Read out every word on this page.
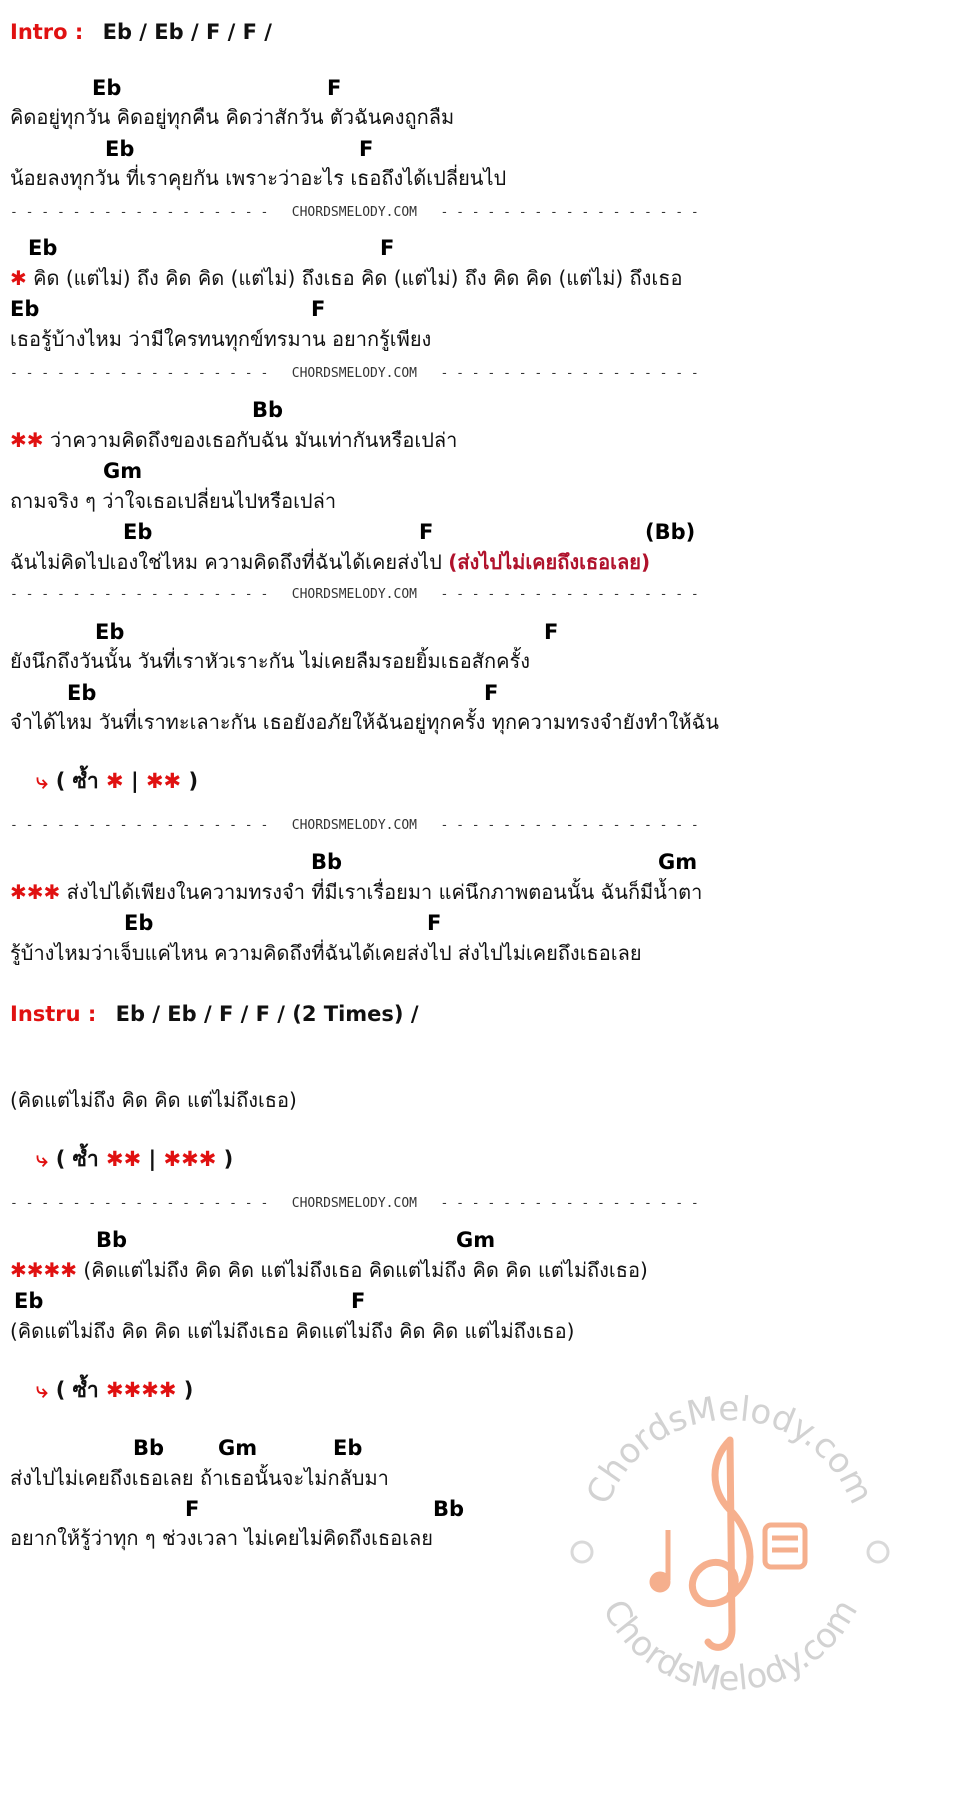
Intro : Eb / Eb / F / F /
Eb	F
คิดอยู่ทุกวัน คิดอยู่ทุกคืน คิดว่าสักวัน ตัวฉันคงถูกลืม
Eb	F
น้อยลงทุกวัน ที่เราคุยกัน เพราะว่าอะไร เธอถึงได้เปลี่ยนไป
- - - - - - - - - - - - - - - - -   CHORDSMELODY.COM   - - - - - - - - - - - - - - - - -
Eb	F
✱ คิด (แต่ไม่) ถึง คิด คิด (แต่ไม่) ถึงเธอ คิด (แต่ไม่) ถึง คิด คิด (แต่ไม่) ถึงเธอ
Eb	F
เธอรู้บ้างไหม ว่ามีใครทนทุกข์ทรมาน อยากรู้เพียง
- - - - - - - - - - - - - - - - -   CHORDSMELODY.COM   - - - - - - - - - - - - - - - - -
Bb
✱✱ ว่าความคิดถึงของเธอกับฉัน มันเท่ากันหรือเปล่า
Gm
ถามจริง ๆ ว่าใจเธอเปลี่ยนไปหรือเปล่า
Eb	F	(Bb)
ฉันไม่คิดไปเองใช่ไหม ความคิดถึงที่ฉันได้เคยส่งไป (ส่งไปไม่เคยถึงเธอเลย)
- - - - - - - - - - - - - - - - -   CHORDSMELODY.COM   - - - - - - - - - - - - - - - - -
Eb	F
ยังนึกถึงวันนั้น วันที่เราหัวเราะกัน ไม่เคยลืมรอยยิ้มเธอสักครั้ง
Eb	F
จำได้ไหม วันที่เราทะเลาะกัน เธอยังอภัยให้ฉันอยู่ทุกครั้ง ทุกความทรงจำยังทำให้ฉัน
⤷ ( ซ้ำ ✱ | ✱✱ )
- - - - - - - - - - - - - - - - -   CHORDSMELODY.COM   - - - - - - - - - - - - - - - - -
Bb	Gm
✱✱✱ ส่งไปได้เพียงในความทรงจำ ที่มีเราเรื่อยมา แค่นึกภาพตอนนั้น ฉันก็มีน้ำตา
Eb	F
รู้บ้างไหมว่าเจ็บแค่ไหน ความคิดถึงที่ฉันได้เคยส่งไป ส่งไปไม่เคยถึงเธอเลย
Instru : Eb / Eb / F / F / (2 Times) /
(คิดแต่ไม่ถึง คิด คิด แต่ไม่ถึงเธอ)
⤷ ( ซ้ำ ✱✱ | ✱✱✱ )
- - - - - - - - - - - - - - - - -   CHORDSMELODY.COM   - - - - - - - - - - - - - - - - -
ChordsMelody.com
ChordsMelody.com
Bb	Gm
✱✱✱✱ (คิดแต่ไม่ถึง คิด คิด แต่ไม่ถึงเธอ คิดแต่ไม่ถึง คิด คิด แต่ไม่ถึงเธอ)
Eb	F
(คิดแต่ไม่ถึง คิด คิด แต่ไม่ถึงเธอ คิดแต่ไม่ถึง คิด คิด แต่ไม่ถึงเธอ)
⤷ ( ซ้ำ ✱✱✱✱ )
Bb	Gm	Eb
ส่งไปไม่เคยถึงเธอเลย ถ้าเธอนั้นจะไม่กลับมา
F	Bb
อยากให้รู้ว่าทุก ๆ ช่วงเวลา ไม่เคยไม่คิดถึงเธอเลย
